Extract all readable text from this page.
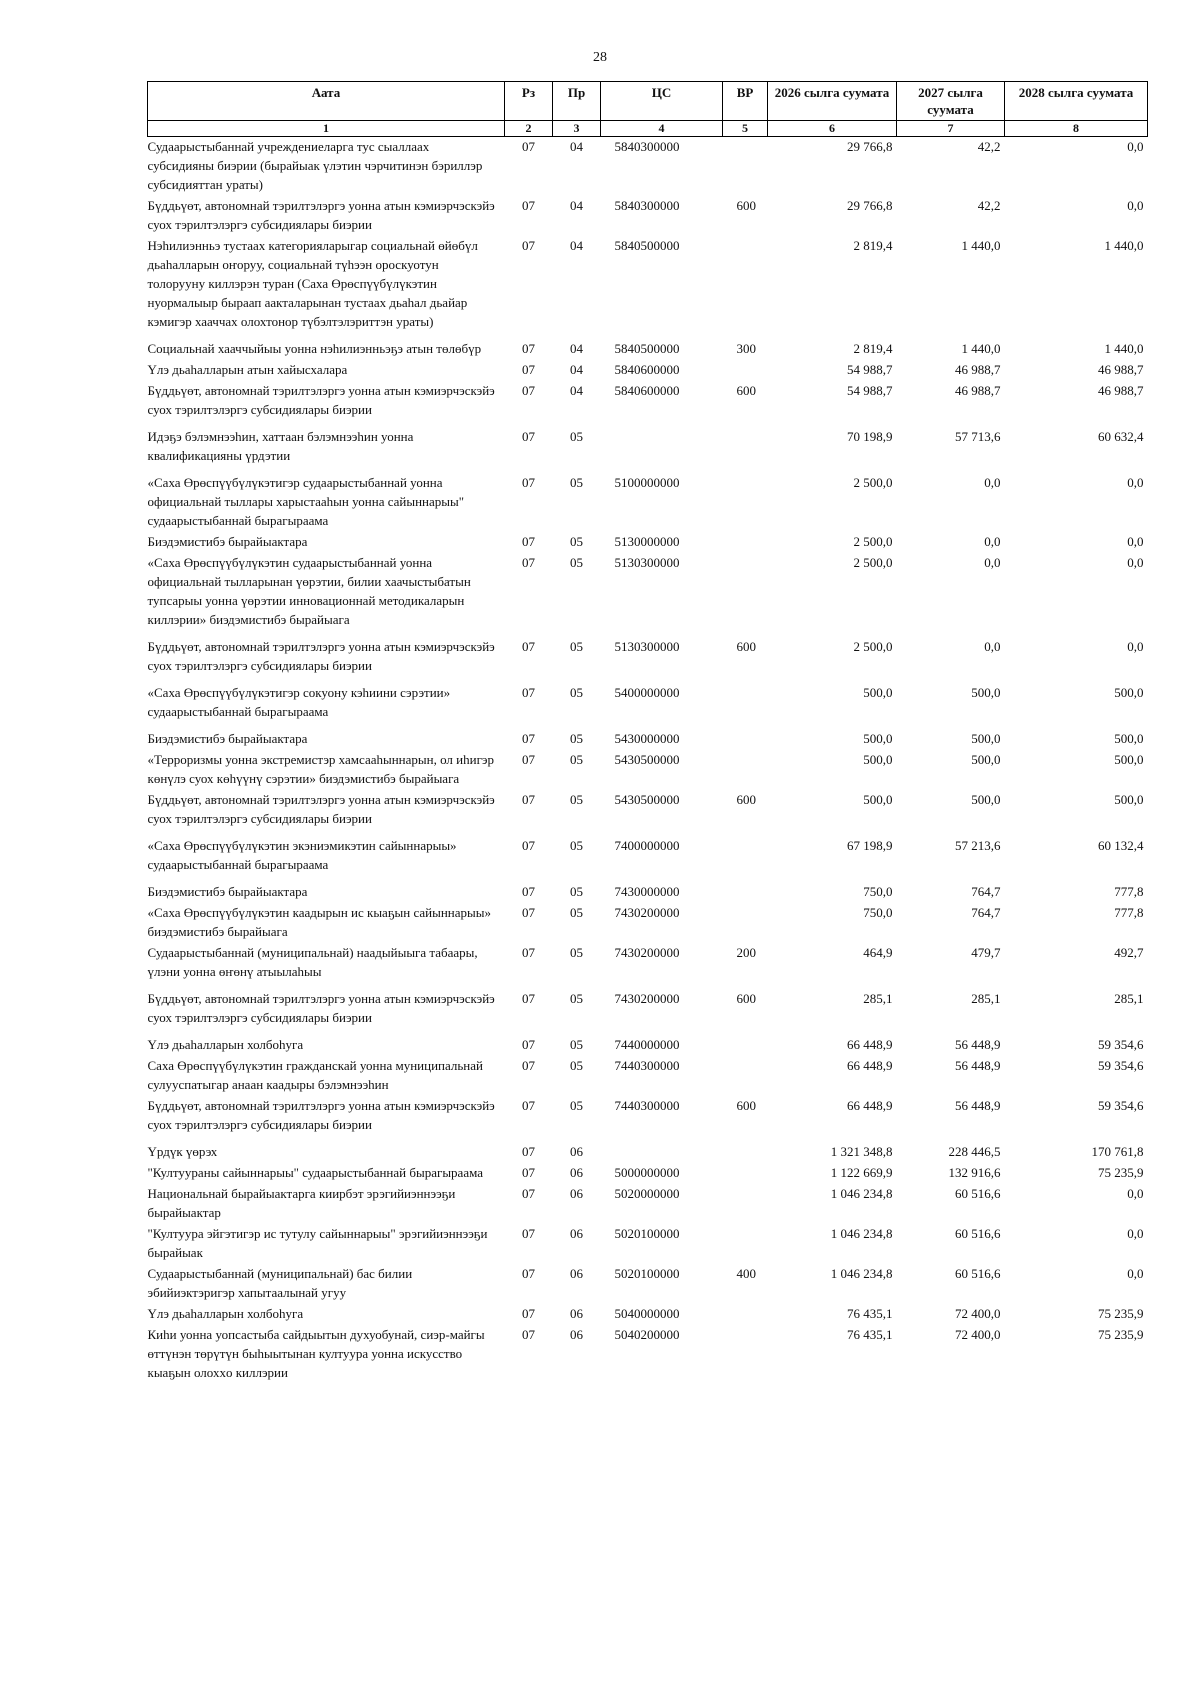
28
Аата	Рз	Пр	ЦС	ВР	2026 сылга суумата	2027 сылга суумата	2028 сылга суумата
1	2	3	4	5	6	7	8
Судаарыстыбаннай учреждениеларга тус сыаллаах субсидияны биэрии (бырайыак үлэтин чэрчитинэн бэриллэр субсидияттан ураты)	07	04	5840300000		29 766,8	42,2	0,0
Бүддьүөт, автономнай тэрилтэлэргэ уонна атын кэмиэрчэскэйэ суох тэрилтэлэргэ субсидиялары биэрии	07	04	5840300000	600	29 766,8	42,2	0,0
Нэһилиэнньэ тустаах категорияларыгар социальнай өйөбүл дьаһалларын оҥоруу, социальнай түһээн ороскуотун толорууну киллэрэн туран (Саха Өрөспүүбүлүкэтин нуормалыыр быраап аакталарынан тустаах дьаһал дьайар кэмигэр хааччах олохтонор түбэлтэлэриттэн ураты)	07	04	5840500000		2 819,4	1 440,0	1 440,0
Социальнай хааччыйыы уонна нэһилиэнньэҕэ атын төлөбүр	07	04	5840500000	300	2 819,4	1 440,0	1 440,0
Үлэ дьаһалларын атын хайысхалара	07	04	5840600000		54 988,7	46 988,7	46 988,7
Бүддьүөт, автономнай тэрилтэлэргэ уонна атын кэмиэрчэскэйэ суох тэрилтэлэргэ субсидиялары биэрии	07	04	5840600000	600	54 988,7	46 988,7	46 988,7
Идэҕэ бэлэмнээһин, хаттаан бэлэмнээһин уонна квалификацияны үрдэтии	07	05			70 198,9	57 713,6	60 632,4
«Саха Өрөспүүбүлүкэтигэр судаарыстыбаннай уонна официальнай тыллары харыстааһын уонна сайыннарыы" судаарыстыбаннай бырагыраама	07	05	5100000000		2 500,0	0,0	0,0
Биэдэмистибэ бырайыактара	07	05	5130000000		2 500,0	0,0	0,0
«Саха Өрөспүүбүлүкэтин судаарыстыбаннай уонна официальнай тылларынан үөрэтии, билии хаачыстыбатын тупсарыы уонна үөрэтии инновационнай методикаларын киллэрии» биэдэмистибэ бырайыага	07	05	5130300000		2 500,0	0,0	0,0
Бүддьүөт, автономнай тэрилтэлэргэ уонна атын кэмиэрчэскэйэ суох тэрилтэлэргэ субсидиялары биэрии	07	05	5130300000	600	2 500,0	0,0	0,0
«Саха Өрөспүүбүлүкэтигэр сокуону кэһиини сэрэтии» судаарыстыбаннай бырагыраама	07	05	5400000000		500,0	500,0	500,0
Биэдэмистибэ бырайыактара	07	05	5430000000		500,0	500,0	500,0
«Терроризмы уонна экстремистэр хамсааһыннарын, ол иһигэр көнүлэ суох көһүүнү сэрэтии» биэдэмистибэ бырайыага	07	05	5430500000		500,0	500,0	500,0
Бүддьүөт, автономнай тэрилтэлэргэ уонна атын кэмиэрчэскэйэ суох тэрилтэлэргэ субсидиялары биэрии	07	05	5430500000	600	500,0	500,0	500,0
«Саха Өрөспүүбүлүкэтин экэниэмикэтин сайыннарыы» судаарыстыбаннай бырагыраама	07	05	7400000000		67 198,9	57 213,6	60 132,4
Биэдэмистибэ бырайыактара	07	05	7430000000		750,0	764,7	777,8
«Саха Өрөспүүбүлүкэтин каадырын ис кыаҕын сайыннарыы» биэдэмистибэ бырайыага	07	05	7430200000		750,0	764,7	777,8
Судаарыстыбаннай (муниципальнай) наадыйыыга табаары, үлэни уонна өҥөнү атыылаһыы	07	05	7430200000	200	464,9	479,7	492,7
Бүддьүөт, автономнай тэрилтэлэргэ уонна атын кэмиэрчэскэйэ суох тэрилтэлэргэ субсидиялары биэрии	07	05	7430200000	600	285,1	285,1	285,1
Үлэ дьаһалларын холбоһуга	07	05	7440000000		66 448,9	56 448,9	59 354,6
Саха Өрөспүүбүлүкэтин гражданскай уонна муниципальнай сулууспатыгар анаан каадыры бэлэмнээһин	07	05	7440300000		66 448,9	56 448,9	59 354,6
Бүддьүөт, автономнай тэрилтэлэргэ уонна атын кэмиэрчэскэйэ суох тэрилтэлэргэ субсидиялары биэрии	07	05	7440300000	600	66 448,9	56 448,9	59 354,6
Үрдүк үөрэх	07	06			1 321 348,8	228 446,5	170 761,8
"Култуураны сайыннарыы" судаарыстыбаннай бырагыраама	07	06	5000000000		1 122 669,9	132 916,6	75 235,9
Национальнай бырайыактарга киирбэт эрэгийиэннээҕи бырайыактар	07	06	5020000000		1 046 234,8	60 516,6	0,0
"Култуура эйгэтигэр ис тутулу сайыннарыы" эрэгийиэннээҕи бырайыак	07	06	5020100000		1 046 234,8	60 516,6	0,0
Судаарыстыбаннай (муниципальнай) бас билии эбийиэктэригэр хапытаалынай угуу	07	06	5020100000	400	1 046 234,8	60 516,6	0,0
Үлэ дьаһалларын холбоһуга	07	06	5040000000		76 435,1	72 400,0	75 235,9
Киһи уонна уопсастыба сайдыытын духуобунай, сиэр-майгы өттүнэн төрүтүн быһыытынан култуура уонна искусство кыаҕын олохxо киллэрии	07	06	5040200000		76 435,1	72 400,0	75 235,9
